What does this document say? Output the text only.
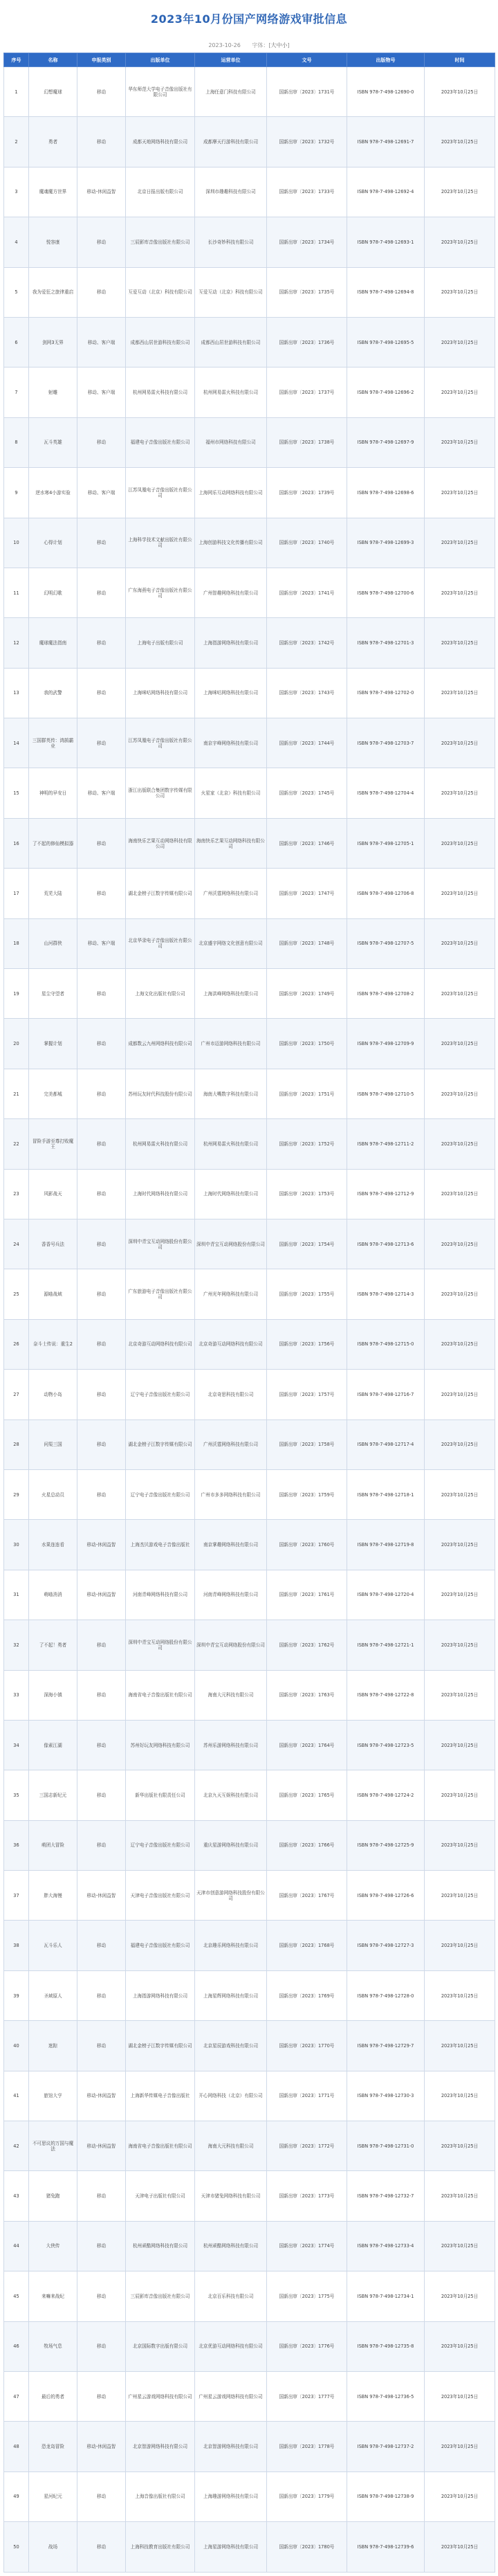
2023年10月份国产网络游戏审批信息
2023-10-26 字体：[大中小]
序号	名称	申报类别	出版单位	运营单位	文号	出版物号	时间
1	幻想魔球	移动	华东师范大学电子音像出版社有限公司	上海任意门科技有限公司	国新出审〔2023〕1731号	ISBN 978-7-498-12690-0	2023年10月25日
2	勇者	移动	成都天地网络科技有限公司	成都摩天行游科技有限公司	国新出审〔2023〕1732号	ISBN 978-7-498-12691-7	2023年10月25日
3	魔魂魔方世界	移动-休闲益智	北京日报出版有限公司	深圳市趣趣科技有限公司	国新出审〔2023〕1733号	ISBN 978-7-498-12692-4	2023年10月25日
4	悦容康	移动	三辰影库音像出版社有限公司	长沙奇妙科技有限公司	国新出审〔2023〕1734号	ISBN 978-7-498-12693-1	2023年10月25日
5	我为爱狂之旅律重启	移动	互爱互动（北京）科技有限公司	互爱互动（北京）科技有限公司	国新出审〔2023〕1735号	ISBN 978-7-498-12694-8	2023年10月25日
6	剑网3无界	移动、客户端	成都西山居世游科技有限公司	成都西山居世游科技有限公司	国新出审〔2023〕1736号	ISBN 978-7-498-12695-5	2023年10月25日
7	射雕	移动、客户端	杭州网易雷火科技有限公司	杭州网易雷火科技有限公司	国新出审〔2023〕1737号	ISBN 978-7-498-12696-2	2023年10月25日
8	瓦斗英雄	移动	福建电子音像出版社有限公司	福州市网络科技有限公司	国新出审〔2023〕1738号	ISBN 978-7-498-12697-9	2023年10月25日
9	逆水寒4小游实验	移动、客户端	江苏凤凰电子音像出版社有限公司	上海网乐互动网络科技有限公司	国新出审〔2023〕1739号	ISBN 978-7-498-12698-6	2023年10月25日
10	心得计划	移动	上海科学技术文献出版社有限公司	上海创游科技文化传播有限公司	国新出审〔2023〕1740号	ISBN 978-7-498-12699-3	2023年10月25日
11	幻明幻歌	移动	广东海燕电子音像出版社有限公司	广州智趣网络科技有限公司	国新出审〔2023〕1741号	ISBN 978-7-498-12700-6	2023年10月25日
12	魔球魔法指南	移动	上海电子出版有限公司	上海指游网络科技有限公司	国新出审〔2023〕1742号	ISBN 978-7-498-12701-3	2023年10月25日
13	我的武警	移动	上海咪咕网络科技有限公司	上海咪咕网络科技有限公司	国新出审〔2023〕1743号	ISBN 978-7-498-12702-0	2023年10月25日
14	三国群英传：鸿鹄霸业	移动	江苏凤凰电子音像出版社有限公司	南京宇峰网络科技有限公司	国新出审〔2023〕1744号	ISBN 978-7-498-12703-7	2023年10月25日
15	神明的早安日	移动、客户端	浙江出版联合集团数字传媒有限公司	火星家（北京）科技有限公司	国新出审〔2023〕1745号	ISBN 978-7-498-12704-4	2023年10月25日
16	了不起的修仙模拟器	移动	海南快乐艺果互动网络科技有限公司	海南快乐艺果互动网络科技有限公司	国新出审〔2023〕1746号	ISBN 978-7-498-12705-1	2023年10月25日
17	荒芜大陆	移动	湖北金榜子江数字传媒有限公司	广州沃霆网络科技有限公司	国新出审〔2023〕1747号	ISBN 978-7-498-12706-8	2023年10月25日
18	山河群侠	移动、客户端	北京华录电子音像出版社有限公司	北京盛宇网络文化创意有限公司	国新出审〔2023〕1748号	ISBN 978-7-498-12707-5	2023年10月25日
19	星尘守望者	移动	上海文化出版社有限公司	上海洪峰网络科技有限公司	国新出审〔2023〕1749号	ISBN 978-7-498-12708-2	2023年10月25日
20	掌握计划	移动	成都数云九州网络科技有限公司	广州市迈游网络科技有限公司	国新出审〔2023〕1750号	ISBN 978-7-498-12709-9	2023年10月25日
21	完美都城	移动	苏州玩友时代科技股份有限公司	海南大嘴数字科技有限公司	国新出审〔2023〕1751号	ISBN 978-7-498-12710-5	2023年10月25日
22	冒险手游至尊打败魔王	移动	杭州网易雷火科技有限公司	杭州网易雷火科技有限公司	国新出审〔2023〕1752号	ISBN 978-7-498-12711-2	2023年10月25日
23	风影战天	移动	上海时代网络科技有限公司	上海时代网络科技有限公司	国新出审〔2023〕1753号	ISBN 978-7-498-12712-9	2023年10月25日
24	香香号兵法	移动	深圳中青宝互动网络股份有限公司	深圳中青宝互动网络股份有限公司	国新出审〔2023〕1754号	ISBN 978-7-498-12713-6	2023年10月25日
25	源喵战域	移动	广东旅游电子音像出版社有限公司	广州光年网络科技有限公司	国新出审〔2023〕1755号	ISBN 978-7-498-12714-3	2023年10月25日
26	奈斗士传说：重生2	移动	北京奇游互动网络科技有限公司	北京奇游互动网络科技有限公司	国新出审〔2023〕1756号	ISBN 978-7-498-12715-0	2023年10月25日
27	动物小岛	移动	辽宁电子音像出版社有限公司	北京奇思科技有限公司	国新出审〔2023〕1757号	ISBN 978-7-498-12716-7	2023年10月25日
28	问渠三国	移动	湖北金榜子江数字传媒有限公司	广州沃霆网络科技有限公司	国新出审〔2023〕1758号	ISBN 978-7-498-12717-4	2023年10月25日
29	火星总动员	移动	辽宁电子音像出版社有限公司	广州市多多网络科技有限公司	国新出审〔2023〕1759号	ISBN 978-7-498-12718-1	2023年10月25日
30	水果连连看	移动-休闲益智	上海杰贝游戏电子音像出版社	南京掌趣网络科技有限公司	国新出审〔2023〕1760号	ISBN 978-7-498-12719-8	2023年10月25日
31	萌喵消消	移动-休闲益智	河南青峰网络科技有限公司	河南青峰网络科技有限公司	国新出审〔2023〕1761号	ISBN 978-7-498-12720-4	2023年10月25日
32	了不起！勇者	移动	深圳中青宝互动网络股份有限公司	深圳中青宝互动网络股份有限公司	国新出审〔2023〕1762号	ISBN 978-7-498-12721-1	2023年10月25日
33	深海小镇	移动	海南省电子音像出版社有限公司	海南大元科技有限公司	国新出审〔2023〕1763号	ISBN 978-7-498-12722-8	2023年10月25日
34	像素江湖	移动	苏州好玩友网络科技有限公司	苏州乐游网络科技有限公司	国新出审〔2023〕1764号	ISBN 978-7-498-12723-5	2023年10月25日
35	三国志新纪元	移动	新华出版社有限责任公司	北京九天互娱科技有限公司	国新出审〔2023〕1765号	ISBN 978-7-498-12724-2	2023年10月25日
36	萌团大冒险	移动	辽宁电子音像出版社有限公司	重庆星游网络科技有限公司	国新出审〔2023〕1766号	ISBN 978-7-498-12725-9	2023年10月25日
37	胖大海慢	移动-休闲益智	天津电子音像出版社有限公司	天津市创意游网络科技股份有限公司	国新出审〔2023〕1767号	ISBN 978-7-498-12726-6	2023年10月25日
38	瓦斗乐人	移动	福建电子音像出版社有限公司	北京趣乐网络科技有限公司	国新出审〔2023〕1768号	ISBN 978-7-498-12727-3	2023年10月25日
39	圣域原人	移动	上海指游网络科技有限公司	上海星辉网络科技有限公司	国新出审〔2023〕1769号	ISBN 978-7-498-12728-0	2023年10月25日
40	迷踪	移动	湖北金榜子江数字传媒有限公司	北京星辰游戏科技有限公司	国新出审〔2023〕1770号	ISBN 978-7-498-12729-7	2023年10月25日
41	旅馆大亨	移动-休闲益智	上海新华传媒电子音像出版社	开心网络科技（北京）有限公司	国新出审〔2023〕1771号	ISBN 978-7-498-12730-3	2023年10月25日
42	不可思议的万国与魔法	移动-休闲益智	海南省电子音像出版社有限公司	海南大元科技有限公司	国新出审〔2023〕1772号	ISBN 978-7-498-12731-0	2023年10月25日
43	猪兔跑	移动	天津电子出版社有限公司	天津市猪兔网络科技有限公司	国新出审〔2023〕1773号	ISBN 978-7-498-12732-7	2023年10月25日
44	大侠传	移动	杭州顽酷网络科技有限公司	杭州顽酷网络科技有限公司	国新出审〔2023〕1774号	ISBN 978-7-498-12733-4	2023年10月25日
45	来嘛来战纪	移动	三辰影库音像出版社有限公司	北京百乐科技有限公司	国新出审〔2023〕1775号	ISBN 978-7-498-12734-1	2023年10月25日
46	牧场气息	移动	北京国际数字出版有限公司	北京优游互动网络科技有限公司	国新出审〔2023〕1776号	ISBN 978-7-498-12735-8	2023年10月25日
47	最后的勇者	移动	广州星云游戏网络科技有限公司	广州星云游戏网络科技有限公司	国新出审〔2023〕1777号	ISBN 978-7-498-12736-5	2023年10月25日
48	恐龙岛冒险	移动-休闲益智	北京智游网络科技有限公司	北京智游网络科技有限公司	国新出审〔2023〕1778号	ISBN 978-7-498-12737-2	2023年10月25日
49	星河纪元	移动	上海音像出版社有限公司	上海趣游网络科技有限公司	国新出审〔2023〕1779号	ISBN 978-7-498-12738-9	2023年10月25日
50	战场	移动	上海科技教育出版社有限公司	上海星游网络科技有限公司	国新出审〔2023〕1780号	ISBN 978-7-498-12739-6	2023年10月25日
